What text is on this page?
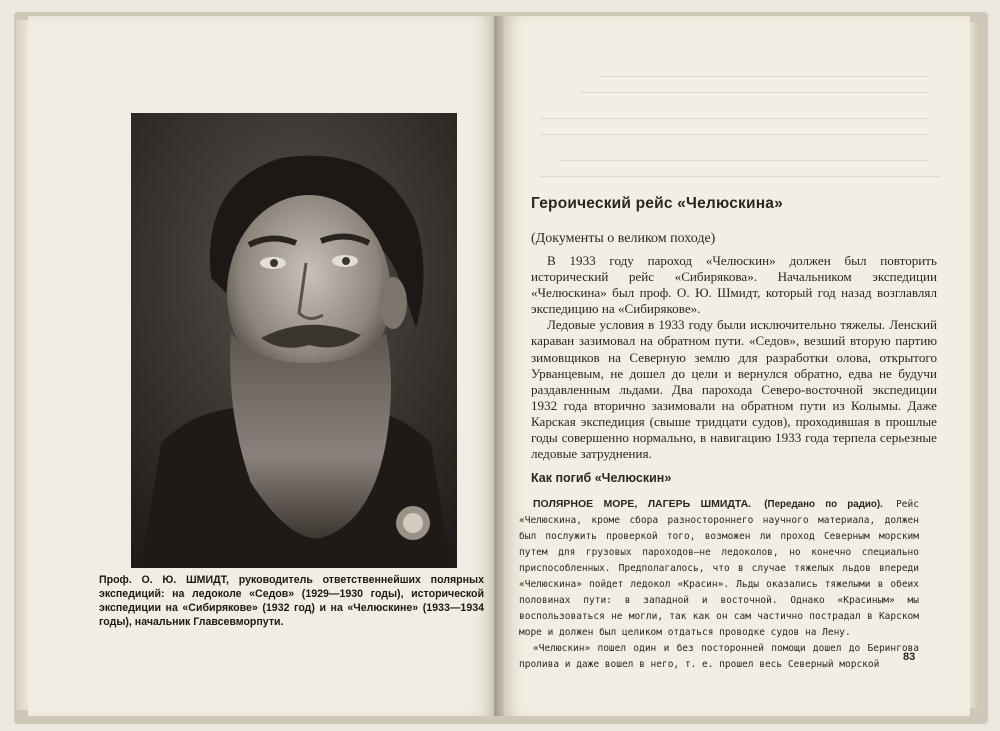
Проф. О. Ю. ШМИДТ, руководитель ответственнейших полярных экспедиций: на ледоколе «Седов» (1929—1930 годы), исторической экспедиции на «Сибирякове» (1932 год) и на «Челюскине» (1933—1934 годы), начальник Главсевморпути.
Героический рейс «Челюскина»
(Документы о великом походе)

В 1933 году пароход «Челюскин» должен был повторить исторический рейс «Сибирякова». Начальником экспедиции «Челюскина» был проф. О. Ю. Шмидт, который год назад возглавлял экспедицию на «Сибирякове».

Ледовые условия в 1933 году были исключительно тяжелы. Ленский караван зазимовал на обратном пути. «Седов», везший вторую партию зимовщиков на Северную землю для разработки олова, открытого Урванцевым, не дошел до цели и вернулся обратно, едва не будучи раздавленным льдами. Два парохода Северо-восточной экспедиции 1932 года вторично зазимовали на обратном пути из Колымы. Даже Карская экспедиция (свыше тридцати судов), проходившая в прошлые годы совершенно нормально, в навигацию 1933 года терпела серьезные ледовые затруднения.

Как погиб «Челюскин»

ПОЛЯРНОЕ МОРЕ, ЛАГЕРЬ ШМИДТА. (Передано по радио). Рейс «Челюскина, кроме сбора разностороннего научного материала, должен был послужить проверкой того, возможен ли проход Северным морским путем для грузовых пароходов—не ледоколов, но конечно специально приспособленных. Предполагалось, что в случае тяжелых льдов впереди «Челюскина» пойдет ледокол «Красин». Льды оказались тяжелыми в обеих половинах пути: в западной и восточной. Однако «Красиным» мы воспользоваться не могли, так как он сам частично пострадал в Карском море и должен был целиком отдаться проводке судов на Лену.

«Челюскин» пошел один и без посторонней помощи дошел до Берингова пролива и даже вошел в него, т. е. прошел весь Северный морской

83
